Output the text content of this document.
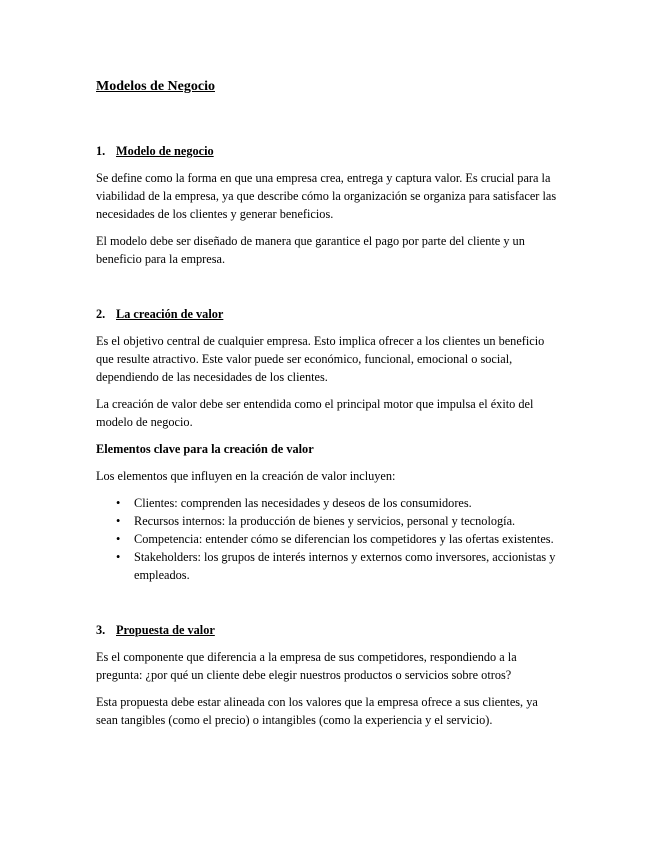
Modelos de Negocio
1. Modelo de negocio

Se define como la forma en que una empresa crea, entrega y captura valor. Es crucial para la viabilidad de la empresa, ya que describe cómo la organización se organiza para satisfacer las necesidades de los clientes y generar beneficios.

El modelo debe ser diseñado de manera que garantice el pago por parte del cliente y un beneficio para la empresa.

2. La creación de valor

Es el objetivo central de cualquier empresa. Esto implica ofrecer a los clientes un beneficio que resulte atractivo. Este valor puede ser económico, funcional, emocional o social, dependiendo de las necesidades de los clientes.

La creación de valor debe ser entendida como el principal motor que impulsa el éxito del modelo de negocio.

Elementos clave para la creación de valor

Los elementos que influyen en la creación de valor incluyen:

• Clientes: comprenden las necesidades y deseos de los consumidores.
• Recursos internos: la producción de bienes y servicios, personal y tecnología.
• Competencia: entender cómo se diferencian los competidores y las ofertas existentes.
• Stakeholders: los grupos de interés internos y externos como inversores, accionistas y empleados.
3. Propuesta de valor

Es el componente que diferencia a la empresa de sus competidores, respondiendo a la pregunta: ¿por qué un cliente debe elegir nuestros productos o servicios sobre otros?

Esta propuesta debe estar alineada con los valores que la empresa ofrece a sus clientes, ya sean tangibles (como el precio) o intangibles (como la experiencia y el servicio).
